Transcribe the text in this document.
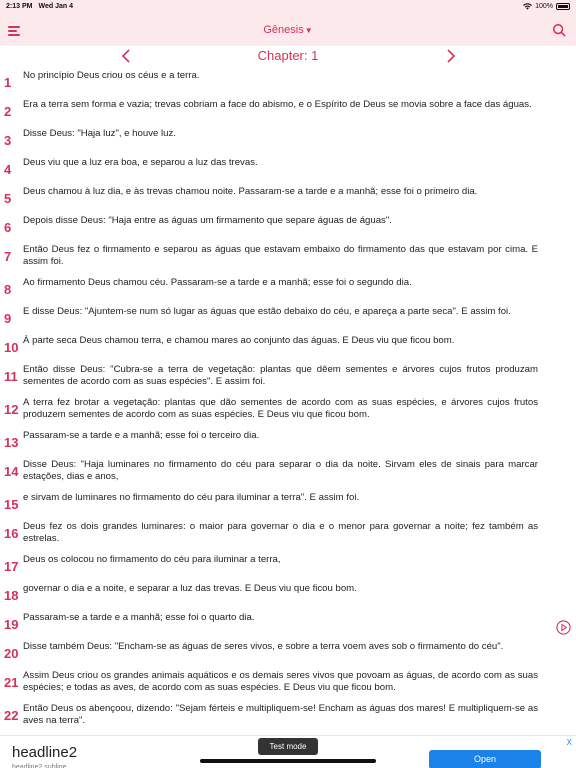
2:13 PM Wed Jan 4	100%
Gênesis▼
Chapter: 1
1	No princípio Deus criou os céus e a terra.
2	Era a terra sem forma e vazia; trevas cobriam a face do abismo, e o Espírito de Deus se movia sobre a face das águas.
3	Disse Deus: "Haja luz", e houve luz.
4	Deus viu que a luz era boa, e separou a luz das trevas.
5	Deus chamou à luz dia, e às trevas chamou noite. Passaram-se a tarde e a manhã; esse foi o primeiro dia.
6	Depois disse Deus: "Haja entre as águas um firmamento que separe águas de águas".
7	Então Deus fez o firmamento e separou as águas que estavam embaixo do firmamento das que estavam por cima. E assim foi.
8	Ao firmamento Deus chamou céu. Passaram-se a tarde e a manhã; esse foi o segundo dia.
9	E disse Deus: "Ajuntem-se num só lugar as águas que estão debaixo do céu, e apareça a parte seca". E assim foi.
10 À parte seca Deus chamou terra, e chamou mares ao conjunto das águas. E Deus viu que ficou bom.
11 Então disse Deus: "Cubra-se a terra de vegetação: plantas que dêem sementes e árvores cujos frutos produzam sementes de acordo com as suas espécies". E assim foi.
12 A terra fez brotar a vegetação: plantas que dão sementes de acordo com as suas espécies, e árvores cujos frutos produzem sementes de acordo com as suas espécies. E Deus viu que ficou bom.
13 Passaram-se a tarde e a manhã; esse foi o terceiro dia.
14 Disse Deus: "Haja luminares no firmamento do céu para separar o dia da noite. Sirvam eles de sinais para marcar estações, dias e anos,
15 e sirvam de luminares no firmamento do céu para iluminar a terra". E assim foi.
16 Deus fez os dois grandes luminares: o maior para governar o dia e o menor para governar a noite; fez também as estrelas.
17 Deus os colocou no firmamento do céu para iluminar a terra,
18 governar o dia e a noite, e separar a luz das trevas. E Deus viu que ficou bom.
19 Passaram-se a tarde e a manhã; esse foi o quarto dia.
20 Disse também Deus: "Encham-se as águas de seres vivos, e sobre a terra voem aves sob o firmamento do céu".
21 Assim Deus criou os grandes animais aquáticos e os demais seres vivos que povoam as águas, de acordo com as suas espécies; e todas as aves, de acordo com as suas espécies. E Deus viu que ficou bom.
22 Então Deus os abençoou, dizendo: "Sejam férteis e multipliquem-se! Encham as águas dos mares! E multipliquem-se as aves na terra".
headline2
headline2 subline
Test mode
Open
X
